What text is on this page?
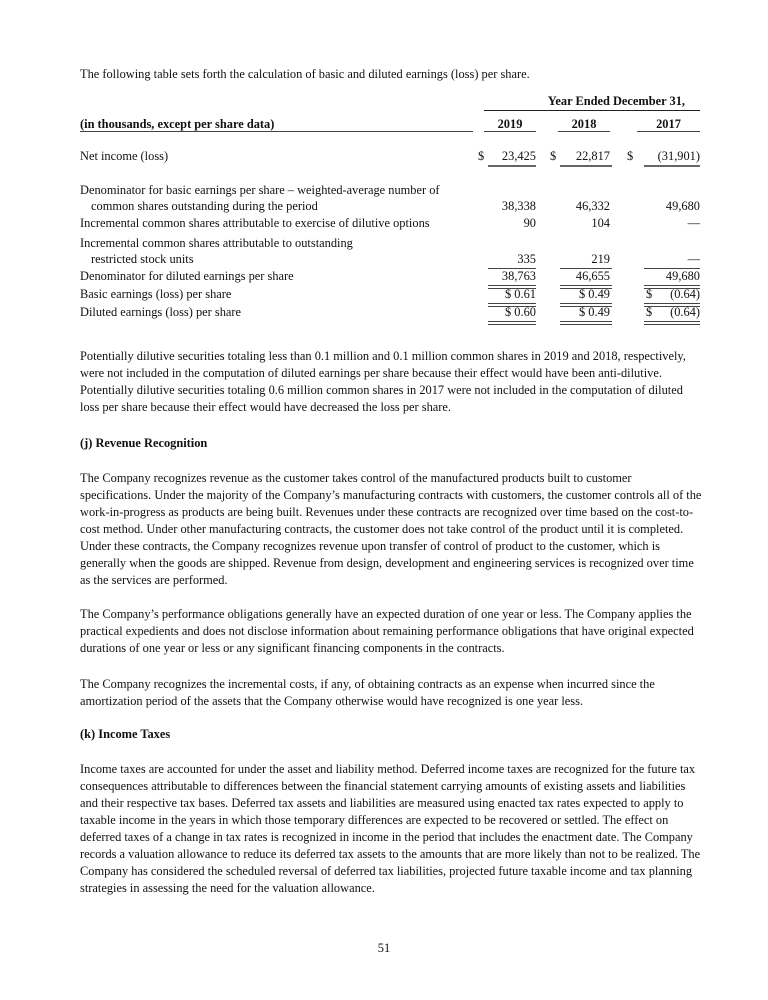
The following table sets forth the calculation of basic and diluted earnings (loss) per share.
Year Ended December 31,
(in thousands, except per share data)	2019	2018	2017
Net income (loss)	$	23,425 $	22,817 $	(31,901)
Denominator for basic earnings per share – weighted-average number of
common shares outstanding during the period	38,338	46,332	49,680
Incremental common shares attributable to exercise of dilutive options	90	104	—
Incremental common shares attributable to outstanding
restricted stock units	335	219	—
Denominator for diluted earnings per share	38,763	46,655	49,680
Basic earnings (loss) per share	$ 0.61	$ 0.49	$	(0.64)
Diluted earnings (loss) per share	$ 0.60	$ 0.49	$	(0.64)
Potentially dilutive securities totaling less than 0.1 million and 0.1 million common shares in 2019 and 2018, respectively, were not included in the computation of diluted earnings per share because their effect would have been anti-dilutive. Potentially dilutive securities totaling 0.6 million common shares in 2017 were not included in the computation of diluted loss per share because their effect would have decreased the loss per share.
(j) Revenue Recognition
The Company recognizes revenue as the customer takes control of the manufactured products built to customer specifications. Under the majority of the Company’s manufacturing contracts with customers, the customer controls all of the work-in-progress as products are being built. Revenues under these contracts are recognized over time based on the cost-to-cost method. Under other manufacturing contracts, the customer does not take control of the product until it is completed. Under these contracts, the Company recognizes revenue upon transfer of control of product to the customer, which is generally when the goods are shipped. Revenue from design, development and engineering services is recognized over time as the services are performed.
The Company’s performance obligations generally have an expected duration of one year or less. The Company applies the practical expedients and does not disclose information about remaining performance obligations that have original expected durations of one year or less or any significant financing components in the contracts.
The Company recognizes the incremental costs, if any, of obtaining contracts as an expense when incurred since the amortization period of the assets that the Company otherwise would have recognized is one year less.
(k) Income Taxes
Income taxes are accounted for under the asset and liability method. Deferred income taxes are recognized for the future tax consequences attributable to differences between the financial statement carrying amounts of existing assets and liabilities and their respective tax bases. Deferred tax assets and liabilities are measured using enacted tax rates expected to apply to taxable income in the years in which those temporary differences are expected to be recovered or settled. The effect on deferred taxes of a change in tax rates is recognized in income in the period that includes the enactment date. The Company records a valuation allowance to reduce its deferred tax assets to the amounts that are more likely than not to be realized. The Company has considered the scheduled reversal of deferred tax liabilities, projected future taxable income and tax planning strategies in assessing the need for the valuation allowance.
51
